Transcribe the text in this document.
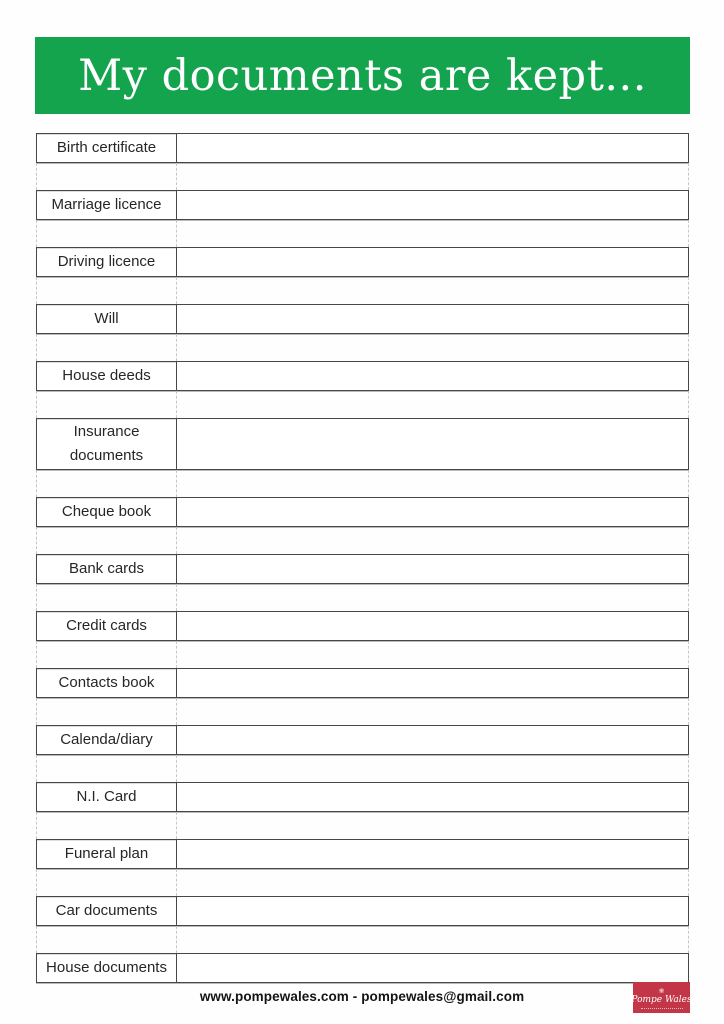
My documents are kept...
Birth certificate
Marriage licence
Driving licence
Will
House deeds
Insurance documents
Cheque book
Bank cards
Credit cards
Contacts book
Calenda/diary
N.I. Card
Funeral plan
Car documents
House documents
www.pompewales.com - pompewales@gmail.com	❀
Pompe Wales
